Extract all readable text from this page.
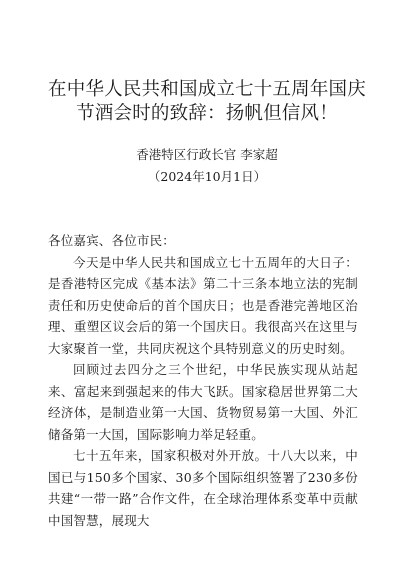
在中华人民共和国成立七十五周年国庆节酒会时的致辞：扬帆但信风！
香港特区行政长官 李家超
（2024年10月1日）

各位嘉宾、各位市民：

今天是中华人民共和国成立七十五周年的大日子：是香港特区完成《基本法》第二十三条本地立法的宪制责任和历史使命后的首个国庆日；也是香港完善地区治理、重塑区议会后的第一个国庆日。我很高兴在这里与大家聚首一堂，共同庆祝这个具特别意义的历史时刻。

回顾过去四分之三个世纪，中华民族实现从站起来、富起来到强起来的伟大飞跃。国家稳居世界第二大经济体，是制造业第一大国、货物贸易第一大国、外汇储备第一大国，国际影响力举足轻重。

七十五年来，国家积极对外开放。十八大以来，中国已与150多个国家、30多个国际组织签署了230多份共建“一带一路”合作文件，在全球治理体系变革中贡献中国智慧，展现大
